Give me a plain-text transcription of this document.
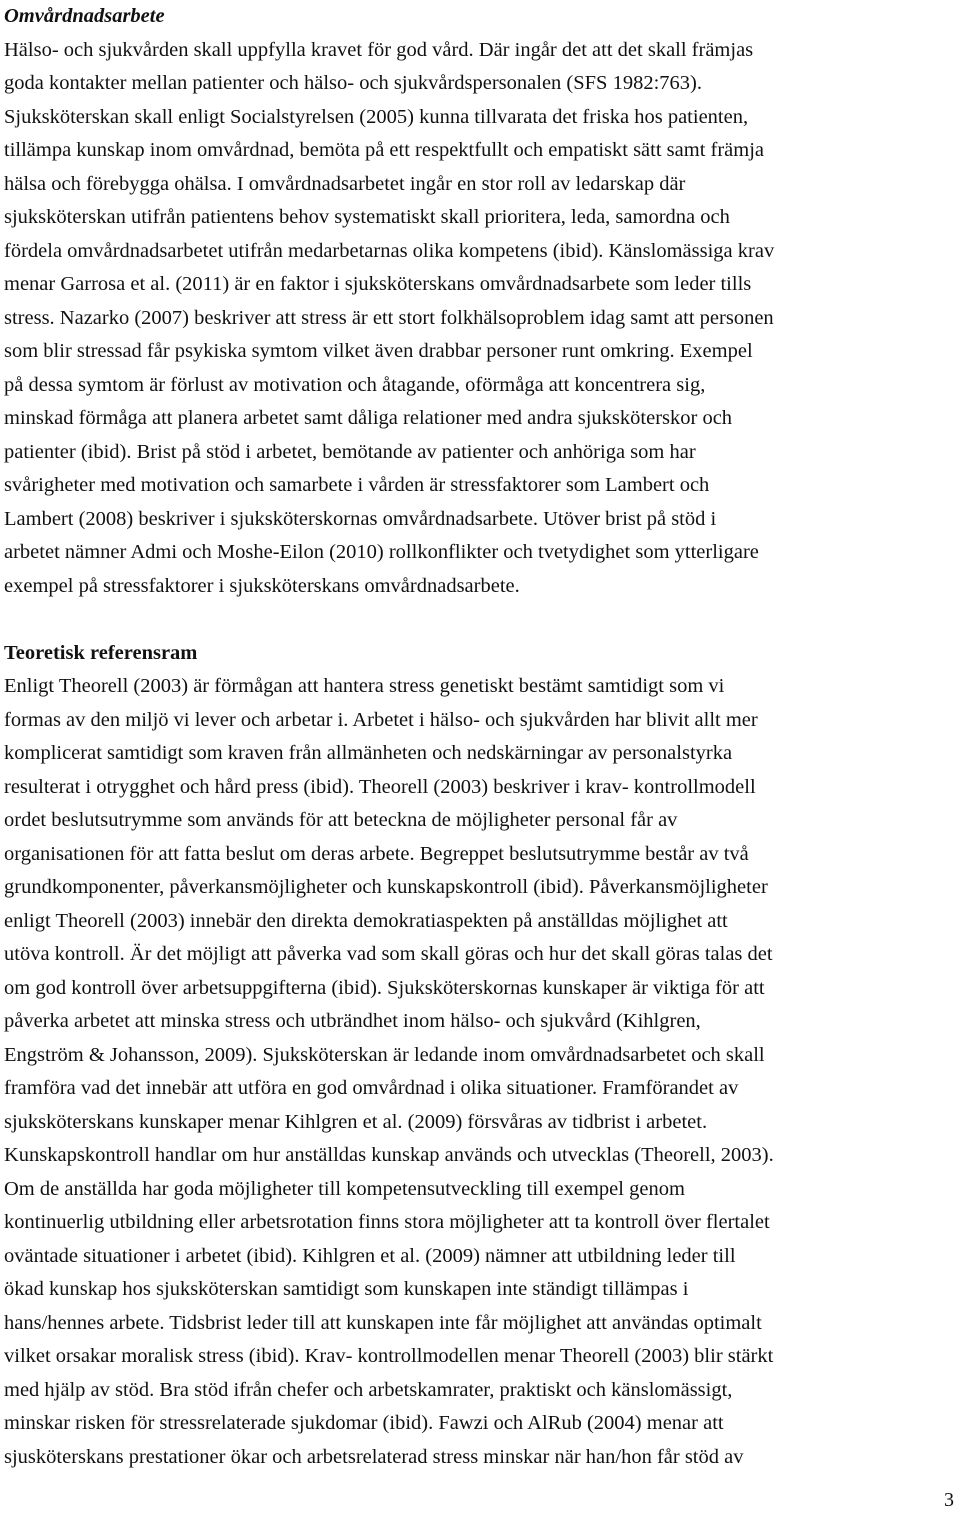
Omvårdnadsarbete

Hälso- och sjukvården skall uppfylla kravet för god vård. Där ingår det att det skall främjas
goda kontakter mellan patienter och hälso- och sjukvårdspersonalen (SFS 1982:763).
Sjuksköterskan skall enligt Socialstyrelsen (2005) kunna tillvarata det friska hos patienten,
tillämpa kunskap inom omvårdnad, bemöta på ett respektfullt och empatiskt sätt samt främja
hälsa och förebygga ohälsa. I omvårdnadsarbetet ingår en stor roll av ledarskap där
sjuksköterskan utifrån patientens behov systematiskt skall prioritera, leda, samordna och
fördela omvårdnadsarbetet utifrån medarbetarnas olika kompetens (ibid). Känslomässiga krav
menar Garrosa et al. (2011) är en faktor i sjuksköterskans omvårdnadsarbete som leder tills
stress. Nazarko (2007) beskriver att stress är ett stort folkhälsoproblem idag samt att personen
som blir stressad får psykiska symtom vilket även drabbar personer runt omkring. Exempel
på dessa symtom är förlust av motivation och åtagande, oförmåga att koncentrera sig,
minskad förmåga att planera arbetet samt dåliga relationer med andra sjuksköterskor och
patienter (ibid). Brist på stöd i arbetet, bemötande av patienter och anhöriga som har
svårigheter med motivation och samarbete i vården är stressfaktorer som Lambert och
Lambert (2008) beskriver i sjuksköterskornas omvårdnadsarbete. Utöver brist på stöd i
arbetet nämner Admi och Moshe-Eilon (2010) rollkonflikter och tvetydighet som ytterligare
exempel på stressfaktorer i sjuksköterskans omvårdnadsarbete.

Teoretisk referensram

Enligt Theorell (2003) är förmågan att hantera stress genetiskt bestämt samtidigt som vi
formas av den miljö vi lever och arbetar i. Arbetet i hälso- och sjukvården har blivit allt mer
komplicerat samtidigt som kraven från allmänheten och nedskärningar av personalstyrka
resulterat i otrygghet och hård press (ibid). Theorell (2003) beskriver i krav- kontrollmodell
ordet beslutsutrymme som används för att beteckna de möjligheter personal får av
organisationen för att fatta beslut om deras arbete. Begreppet beslutsutrymme består av två
grundkomponenter, påverkansmöjligheter och kunskapskontroll (ibid). Påverkansmöjligheter
enligt Theorell (2003) innebär den direkta demokratiaspekten på anställdas möjlighet att
utöva kontroll. Är det möjligt att påverka vad som skall göras och hur det skall göras talas det
om god kontroll över arbetsuppgifterna (ibid). Sjuksköterskornas kunskaper är viktiga för att
påverka arbetet att minska stress och utbrändhet inom hälso- och sjukvård (Kihlgren,
Engström & Johansson, 2009). Sjuksköterskan är ledande inom omvårdnadsarbetet och skall
framföra vad det innebär att utföra en god omvårdnad i olika situationer. Framförandet av
sjuksköterskans kunskaper menar Kihlgren et al. (2009) försvåras av tidbrist i arbetet.
Kunskapskontroll handlar om hur anställdas kunskap används och utvecklas (Theorell, 2003).
Om de anställda har goda möjligheter till kompetensutveckling till exempel genom
kontinuerlig utbildning eller arbetsrotation finns stora möjligheter att ta kontroll över flertalet
oväntade situationer i arbetet (ibid). Kihlgren et al. (2009) nämner att utbildning leder till
ökad kunskap hos sjuksköterskan samtidigt som kunskapen inte ständigt tillämpas i
hans/hennes arbete. Tidsbrist leder till att kunskapen inte får möjlighet att användas optimalt
vilket orsakar moralisk stress (ibid). Krav- kontrollmodellen menar Theorell (2003) blir stärkt
med hjälp av stöd. Bra stöd ifrån chefer och arbetskamrater, praktiskt och känslomässigt,
minskar risken för stressrelaterade sjukdomar (ibid). Fawzi och AlRub (2004) menar att
sjusköterskans prestationer ökar och arbetsrelaterad stress minskar när han/hon får stöd av

3
